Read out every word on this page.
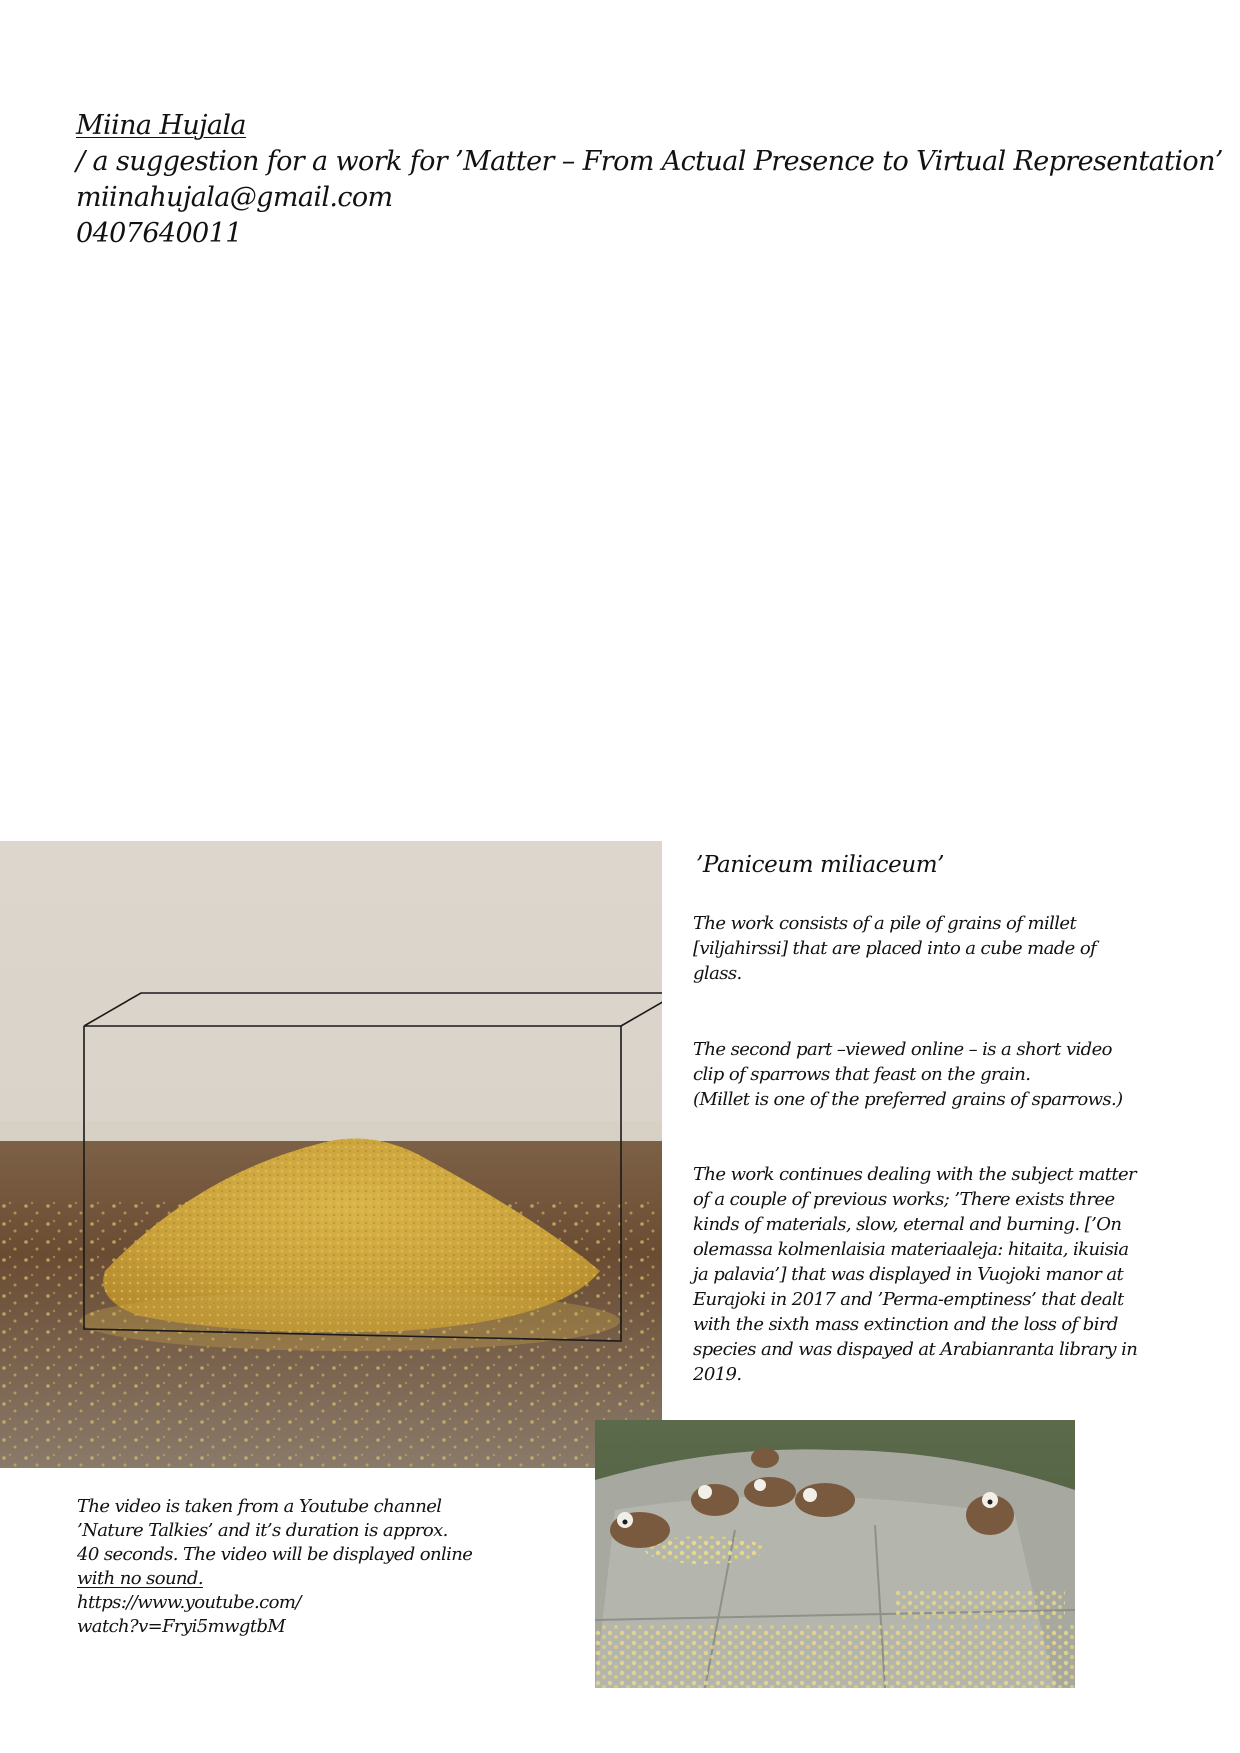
Miina Hujala
/ a suggestion for a work for ’Matter – From Actual Presence to Virtual Representation’
miinahujala@gmail.com
0407640011
’Paniceum miliaceum’

The work consists of a pile of grains of millet
[viljahirssi] that are placed into a cube made of
glass.

The second part –viewed online – is a short video
clip of sparrows that feast on the grain.
(Millet is one of the preferred grains of sparrows.)

The work continues dealing with the subject matter
of a couple of previous works; ’There exists three
kinds of materials, slow, eternal and burning. [’On
olemassa kolmenlaisia materiaaleja: hitaita, ikuisia
ja palavia’] that was displayed in Vuojoki manor at
Eurajoki in 2017 and ’Perma-emptiness’ that dealt
with the sixth mass extinction and the loss of bird
species and was dispayed at Arabianranta library in
2019.

The video is taken from a Youtube channel
’Nature Talkies’ and it’s duration is approx.
40 seconds. The video will be displayed online
with no sound.
https://www.youtube.com/
watch?v=Fryi5mwgtbM
